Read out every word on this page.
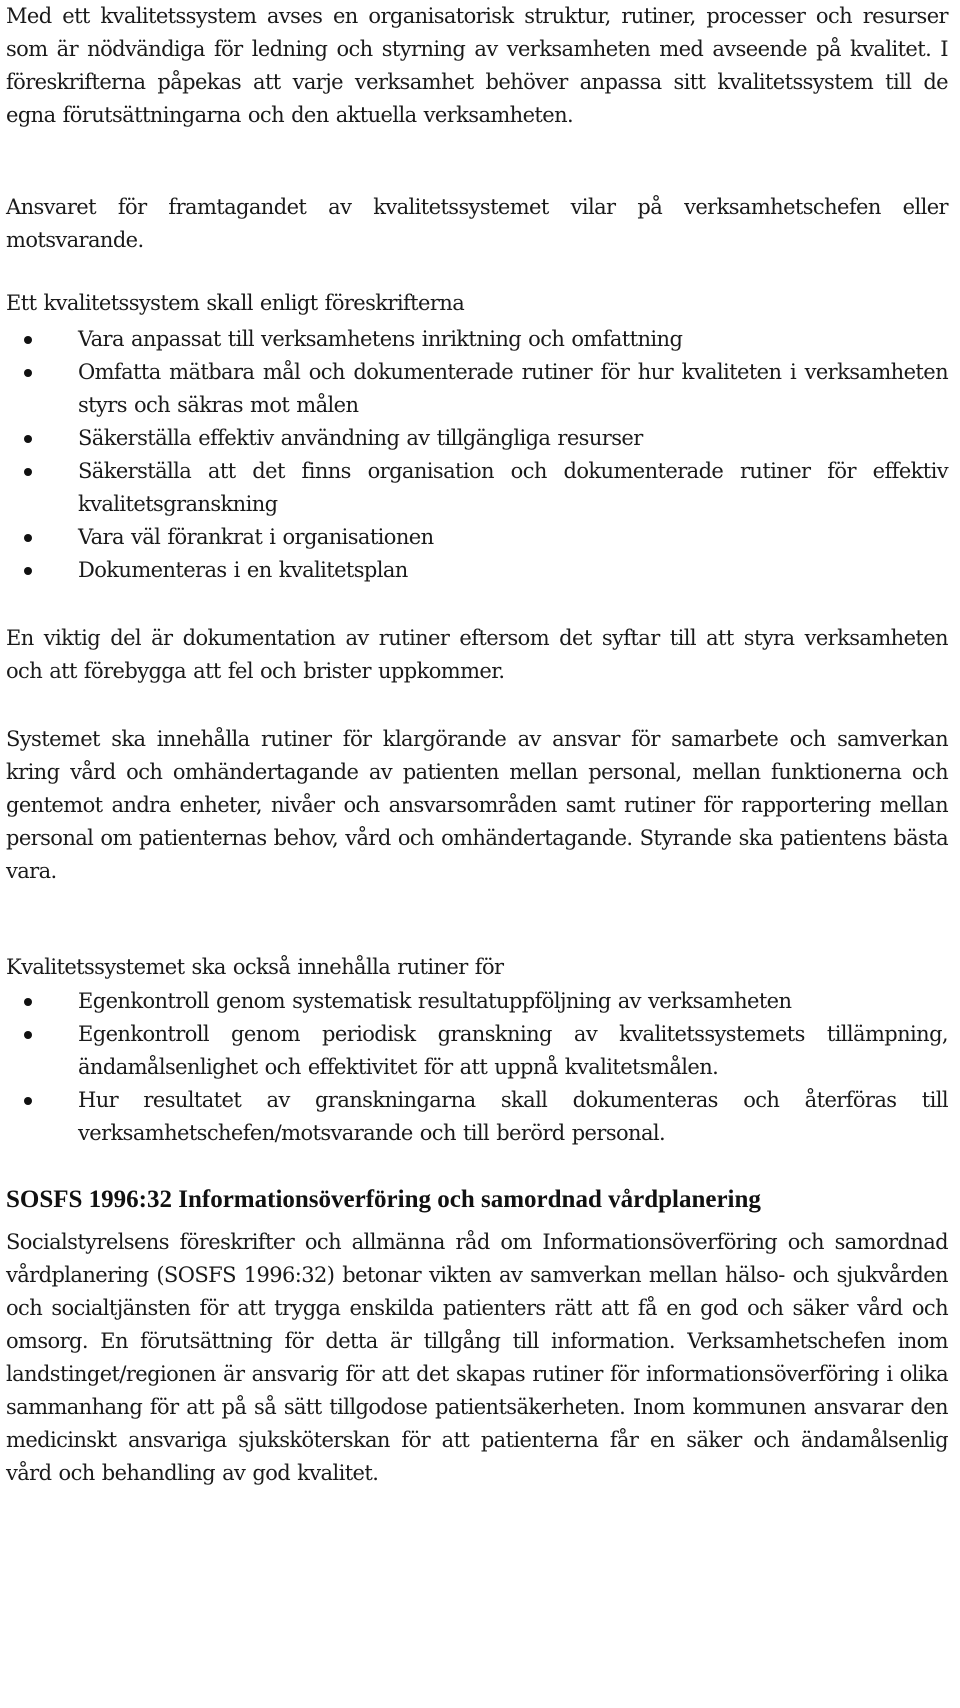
Med ett kvalitetssystem avses en organisatorisk struktur, rutiner, processer och resurser som är nödvändiga för ledning och styrning av verksamheten med avseende på kvalitet. I föreskrifterna påpekas att varje verksamhet behöver anpassa sitt kvalitetssystem till de egna förutsättningarna och den aktuella verksamheten.

Ansvaret för framtagandet av kvalitetssystemet vilar på verksamhetschefen eller motsvarande.

Ett kvalitetssystem skall enligt föreskrifterna

Vara anpassat till verksamhetens inriktning och omfattning
Omfatta mätbara mål och dokumenterade rutiner för hur kvaliteten i verksamheten styrs och säkras mot målen
Säkerställa effektiv användning av tillgängliga resurser
Säkerställa att det finns organisation och dokumenterade rutiner för effektiv kvalitetsgranskning
Vara väl förankrat i organisationen
Dokumenteras i en kvalitetsplan

En viktig del är dokumentation av rutiner eftersom det syftar till att styra verksamheten och att förebygga att fel och brister uppkommer.

Systemet ska innehålla rutiner för klargörande av ansvar för samarbete och samverkan kring vård och omhändertagande av patienten mellan personal, mellan funktionerna och gentemot andra enheter, nivåer och ansvarsområden samt rutiner för rapportering mellan personal om patienternas behov, vård och omhändertagande. Styrande ska patientens bästa vara.

Kvalitetssystemet ska också innehålla rutiner för

Egenkontroll genom systematisk resultatuppföljning av verksamheten
Egenkontroll genom periodisk granskning av kvalitetssystemets tillämpning, ändamålsenlighet och effektivitet för att uppnå kvalitetsmålen.
Hur resultatet av granskningarna skall dokumenteras och återföras till verksamhetschefen/motsvarande och till berörd personal.
SOSFS 1996:32 Informationsöverföring och samordnad vårdplanering

Socialstyrelsens föreskrifter och allmänna råd om Informationsöverföring och samordnad vårdplanering (SOSFS 1996:32) betonar vikten av samverkan mellan hälso- och sjukvården och socialtjänsten för att trygga enskilda patienters rätt att få en god och säker vård och omsorg. En förutsättning för detta är tillgång till information. Verksamhetschefen inom landstinget/regionen är ansvarig för att det skapas rutiner för informationsöverföring i olika sammanhang för att på så sätt tillgodose patientsäkerheten. Inom kommunen ansvarar den medicinskt ansvariga sjuksköterskan för att patienterna får en säker och ändamålsenlig vård och behandling av god kvalitet.
